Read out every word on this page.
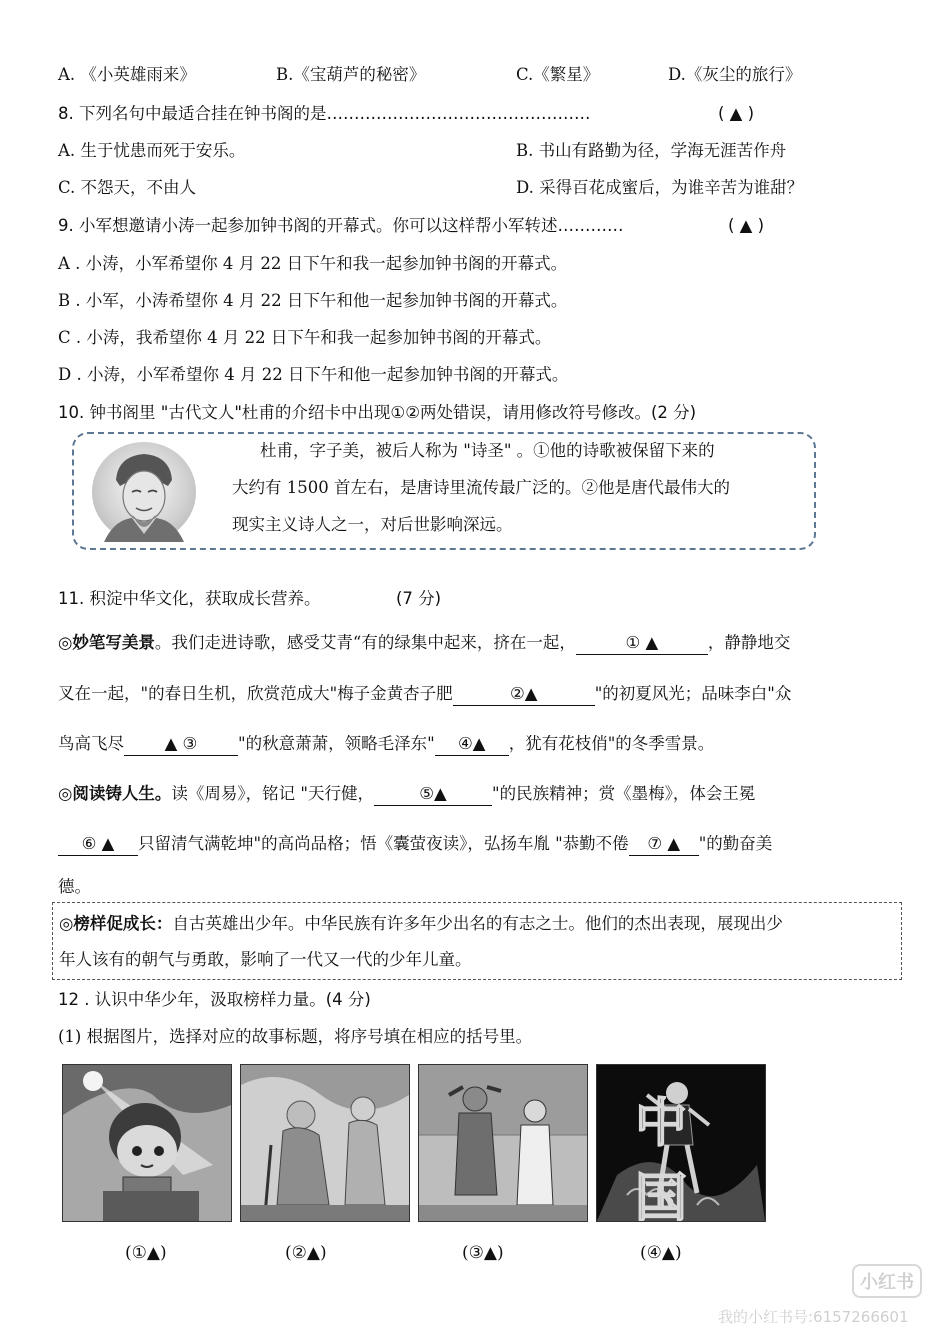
A. 《小英雄雨来》	B.《宝葫芦的秘密》	C.《繁星》	D.《灰尘的旅行》
8. 下列名句中最适合挂在钟书阁的是…………………………………………	( ▲ )
A. 生于忧患而死于安乐。	B. 书山有路勤为径，学海无涯苦作舟
C. 不怨天，不由人	D. 采得百花成蜜后，为谁辛苦为谁甜？
9. 小军想邀请小涛一起参加钟书阁的开幕式。你可以这样帮小军转述…………	( ▲ )
A . 小涛，小军希望你 4 月 22 日下午和我一起参加钟书阁的开幕式。
B . 小军，小涛希望你 4 月 22 日下午和他一起参加钟书阁的开幕式。
C . 小涛，我希望你 4 月 22 日下午和我一起参加钟书阁的开幕式。
D . 小涛，小军希望你 4 月 22 日下午和他一起参加钟书阁的开幕式。
10. 钟书阁里 "古代文人"杜甫的介绍卡中出现①②两处错误，请用修改符号修改。(2 分)
杜甫，字子美，被后人称为 "诗圣" 。①他的诗歌被保留下来的
大约有 1500 首左右，是唐诗里流传最广泛的。②他是唐代最伟大的
现实主义诗人之一，对后世影响深远。
11. 积淀中华文化，获取成长营养。	(7 分)
◎妙笔写美景。我们走进诗歌，感受艾青“有的绿集中起来，挤在一起，	① ▲	，静静地交
叉在一起，"的春日生机，欣赏范成大"梅子金黄杏子肥	②▲	"的初夏风光；品味李白"众
鸟高飞尽 ▲ ③ "的秋意萧萧，领略毛泽东" ④▲ ，犹有花枝俏"的冬季雪景。
◎阅读铸人生。读《周易》，铭记 "天行健，	⑤▲	"的民族精神；赏《墨梅》，体会王冕
⑥ ▲ 只留清气满乾坤"的高尚品格；悟《囊萤夜读》，弘扬车胤 "恭勤不倦 ⑦ ▲ "的勤奋美
德。
◎榜样促成长：自古英雄出少年。中华民族有许多年少出名的有志之士。他们的杰出表现，展现出少
年人该有的朝气与勇敢，影响了一代又一代的少年儿童。
12 . 认识中华少年，汲取榜样力量。(4 分)
(1) 根据图片，选择对应的故事标题，将序号填在相应的括号里。
中国
(①▲)	(②▲)	(③▲)	(④▲)
小红书
我的小红书号:6157266601
